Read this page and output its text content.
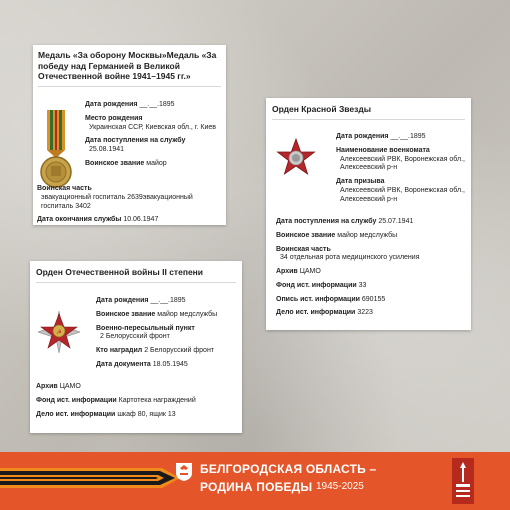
Медаль «За оборону Москвы»Медаль «За победу над Германией в Великой Отечественной войне 1941–1945 гг.»
Дата рождения __.__.1895
Место рождения
Украинская ССР, Киевская обл., г. Киев
Дата поступления на службу
25.08.1941
Воинское звание майор
Воинская часть
эвакуационный госпиталь 2639эвакуационный госпиталь 3402
Дата окончания службы 10.06.1947
Орден Красной Звезды
Дата рождения __.__.1895
Наименование военкомата
Алексеевский РВК, Воронежская обл., Алексеевский р-н
Дата призыва
Алексеевский РВК, Воронежская обл., Алексеевский р-н
Дата поступления на службу 25.07.1941
Воинское звание майор медслужбы
Воинская часть
34 отдельная рота медицинского усиления
Архив ЦАМО
Фонд ист. информации 33
Опись ист. информации 690155
Дело ист. информации 3223
Орден Отечественной войны II степени
☭
Дата рождения __.__.1895
Воинское звание майор медслужбы
Военно-пересыльный пункт
2 Белорусский фронт
Кто наградил 2 Белорусский фронт
Дата документа 18.05.1945
Архив ЦАМО
Фонд ист. информации Картотека награждений
Дело ист. информации шкаф 80, ящик 13
БЕЛГОРОДСКАЯ ОБЛАСТЬ –
РОДИНА ПОБЕДЫ 1945-2025
